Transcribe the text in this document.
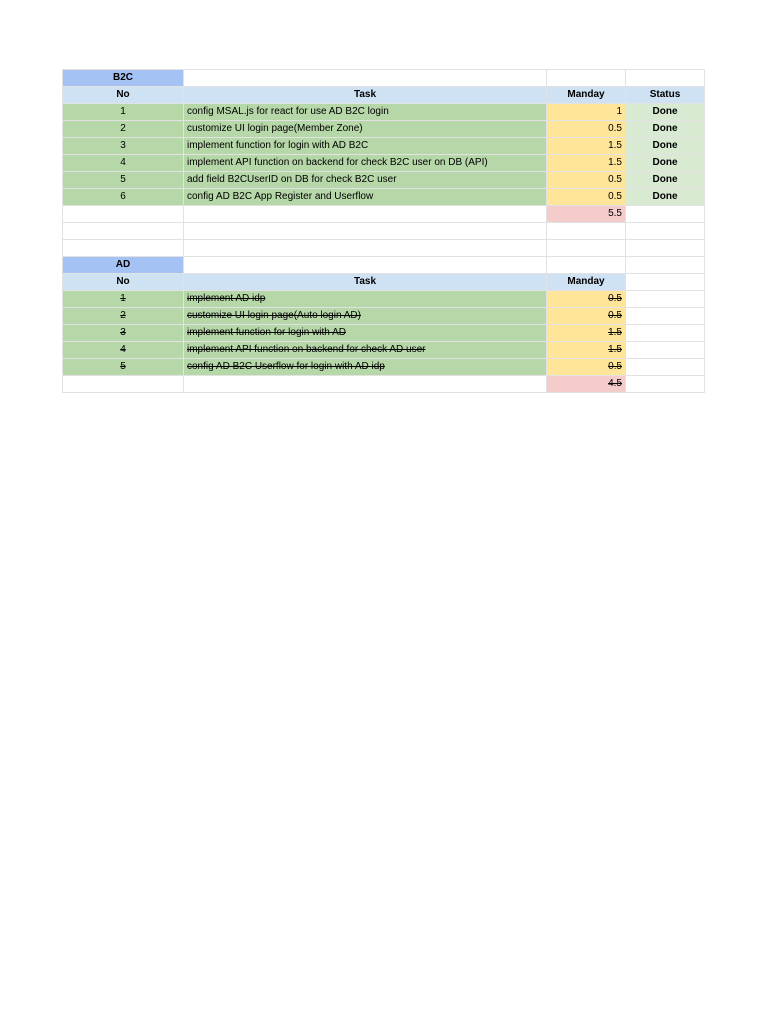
B2C			
No	Task	Manday	Status
1	config MSAL.js for react for use AD B2C login	1	Done
2	customize UI login page(Member Zone)	0.5	Done
3	implement function for login with AD B2C	1.5	Done
4	implement API function on backend for check B2C user on DB (API)	1.5	Done
5	add field B2CUserID on DB for check B2C user	0.5	Done
6	config AD B2C App Register and Userflow	0.5	Done
		5.5	

AD			
No	Task	Manday	
1	implement AD idp	0.5	
2	customize UI login page(Auto login AD)	0.5	
3	implement function for login with AD	1.5	
4	implement API function on backend for check AD user	1.5	
5	config AD B2C Userflow for login with AD idp	0.5	
		4.5	
